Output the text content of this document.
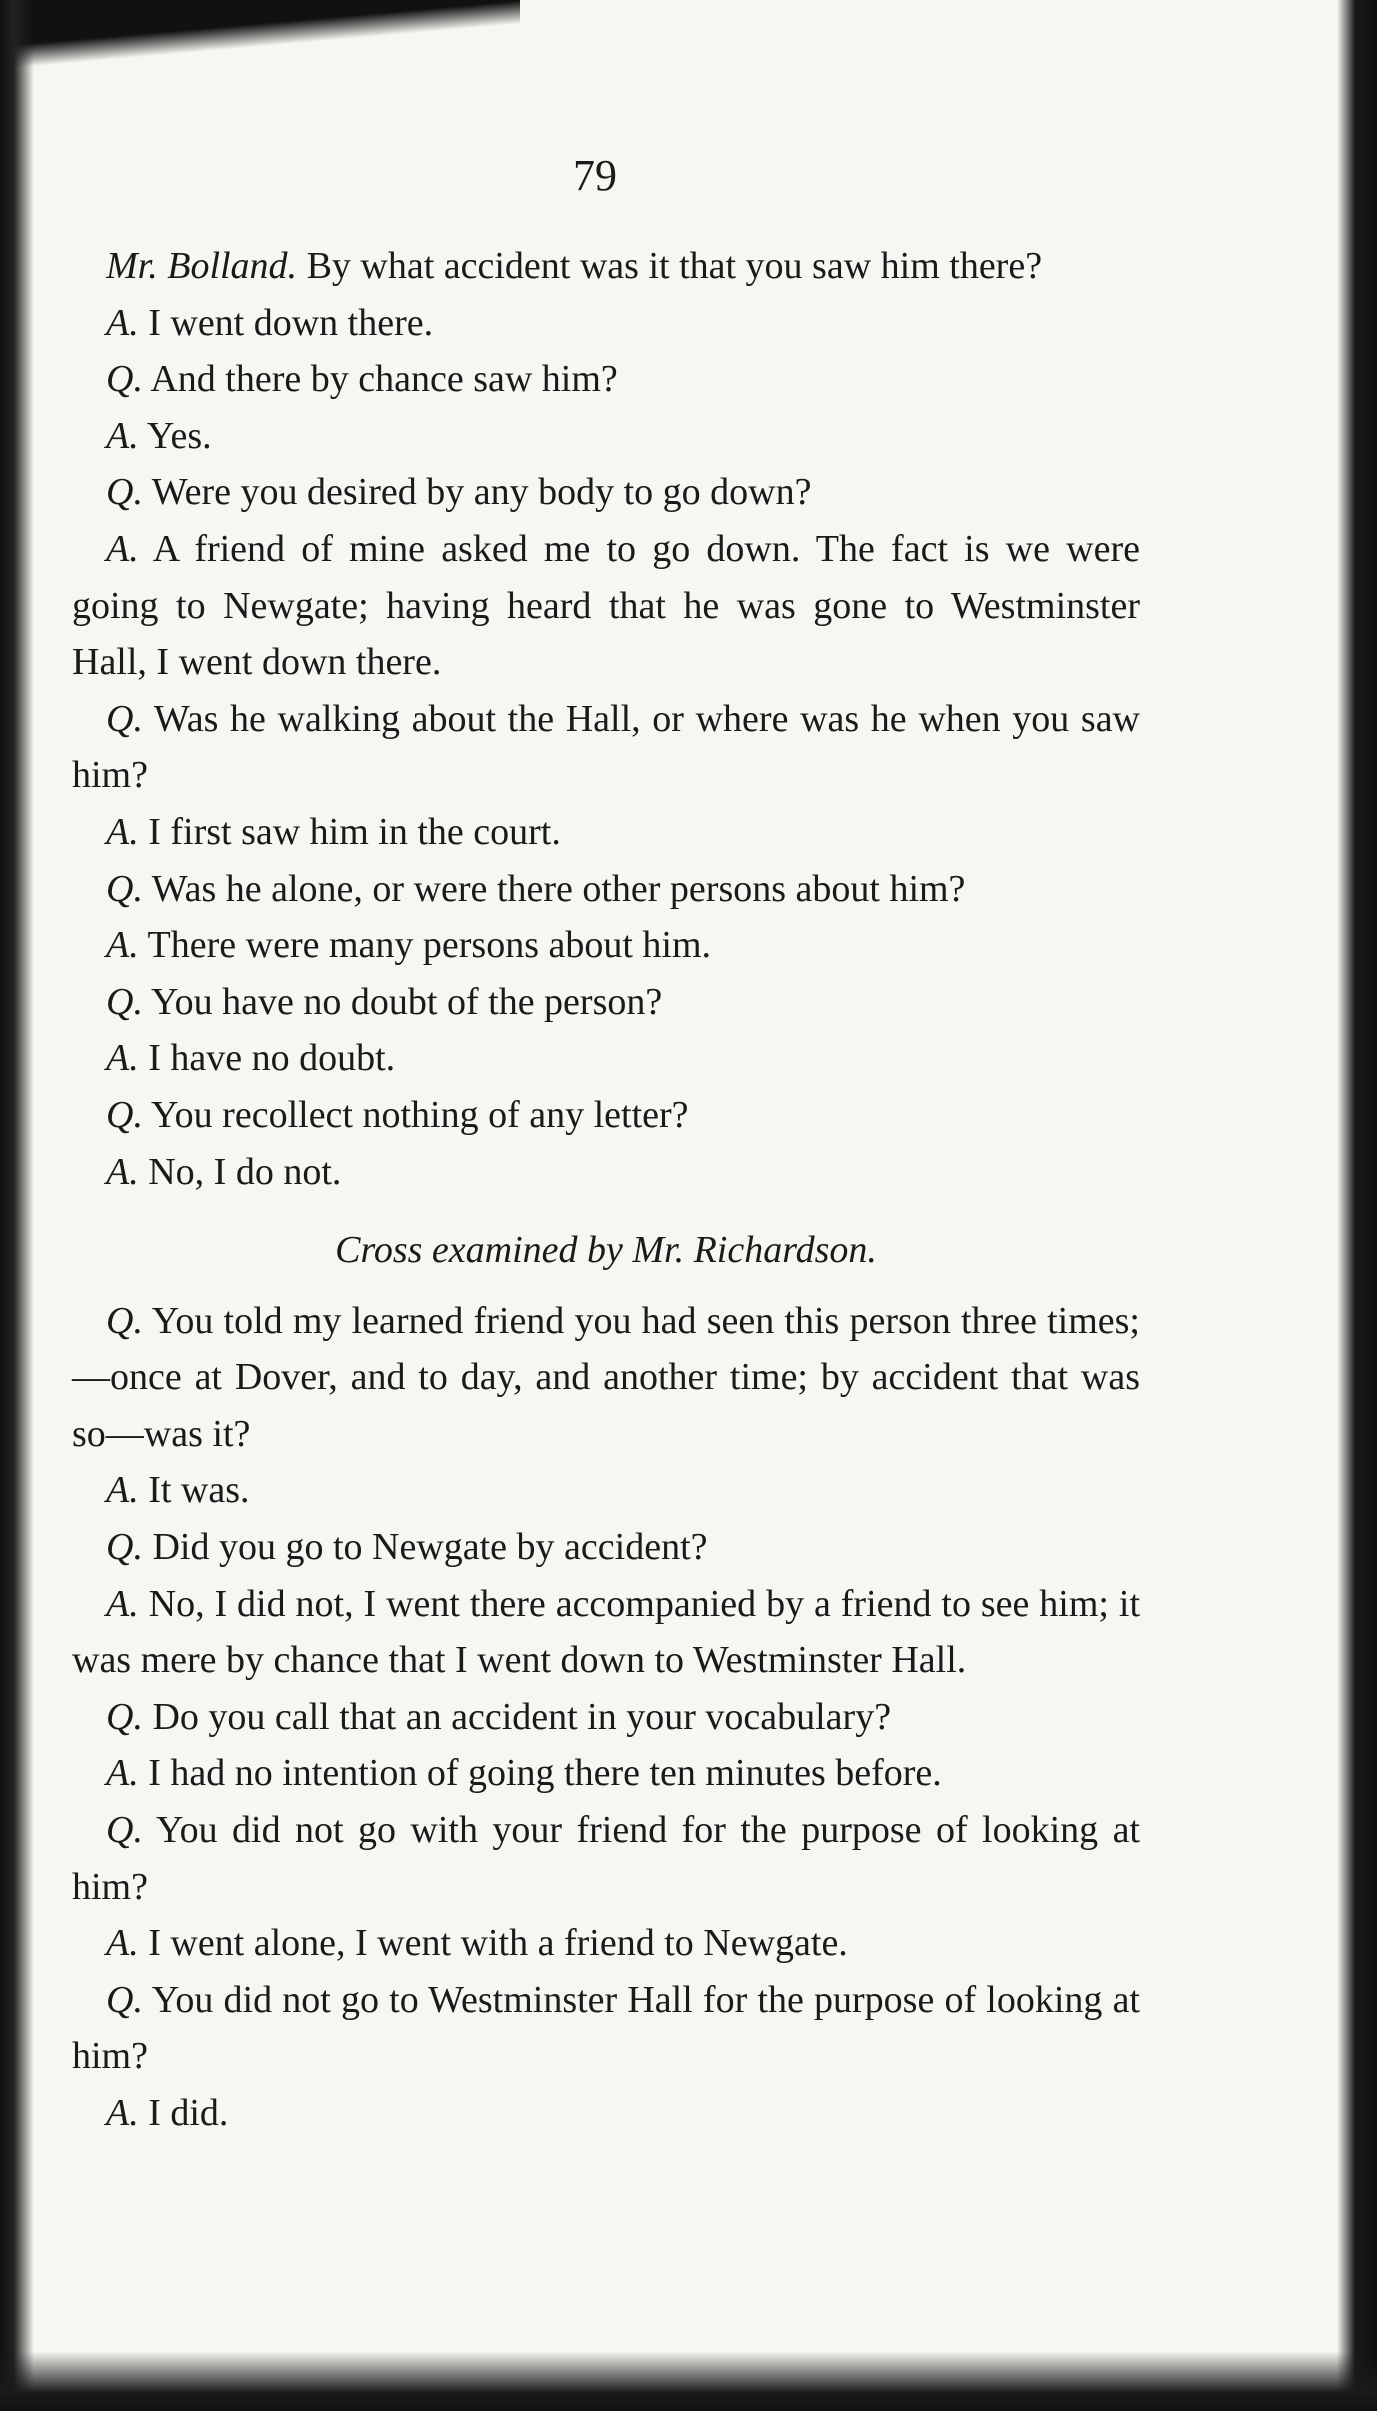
79

Mr. Bolland. By what accident was it that you saw him there?

A. I went down there.

Q. And there by chance saw him?

A. Yes.

Q. Were you desired by any body to go down?

A. A friend of mine asked me to go down. The fact is we were going to Newgate; having heard that he was gone to Westminster Hall, I went down there.

Q. Was he walking about the Hall, or where was he when you saw him?

A. I first saw him in the court.

Q. Was he alone, or were there other persons about him?

A. There were many persons about him.

Q. You have no doubt of the person?

A. I have no doubt.

Q. You recollect nothing of any letter?

A. No, I do not.

Cross examined by Mr. Richardson.

Q. You told my learned friend you had seen this person three times;—once at Dover, and to day, and another time; by accident that was so—was it?

A. It was.

Q. Did you go to Newgate by accident?

A. No, I did not, I went there accompanied by a friend to see him; it was mere by chance that I went down to Westminster Hall.

Q. Do you call that an accident in your vocabulary?

A. I had no intention of going there ten minutes before.

Q. You did not go with your friend for the purpose of looking at him?

A. I went alone, I went with a friend to Newgate.

Q. You did not go to Westminster Hall for the purpose of looking at him?

A. I did.
